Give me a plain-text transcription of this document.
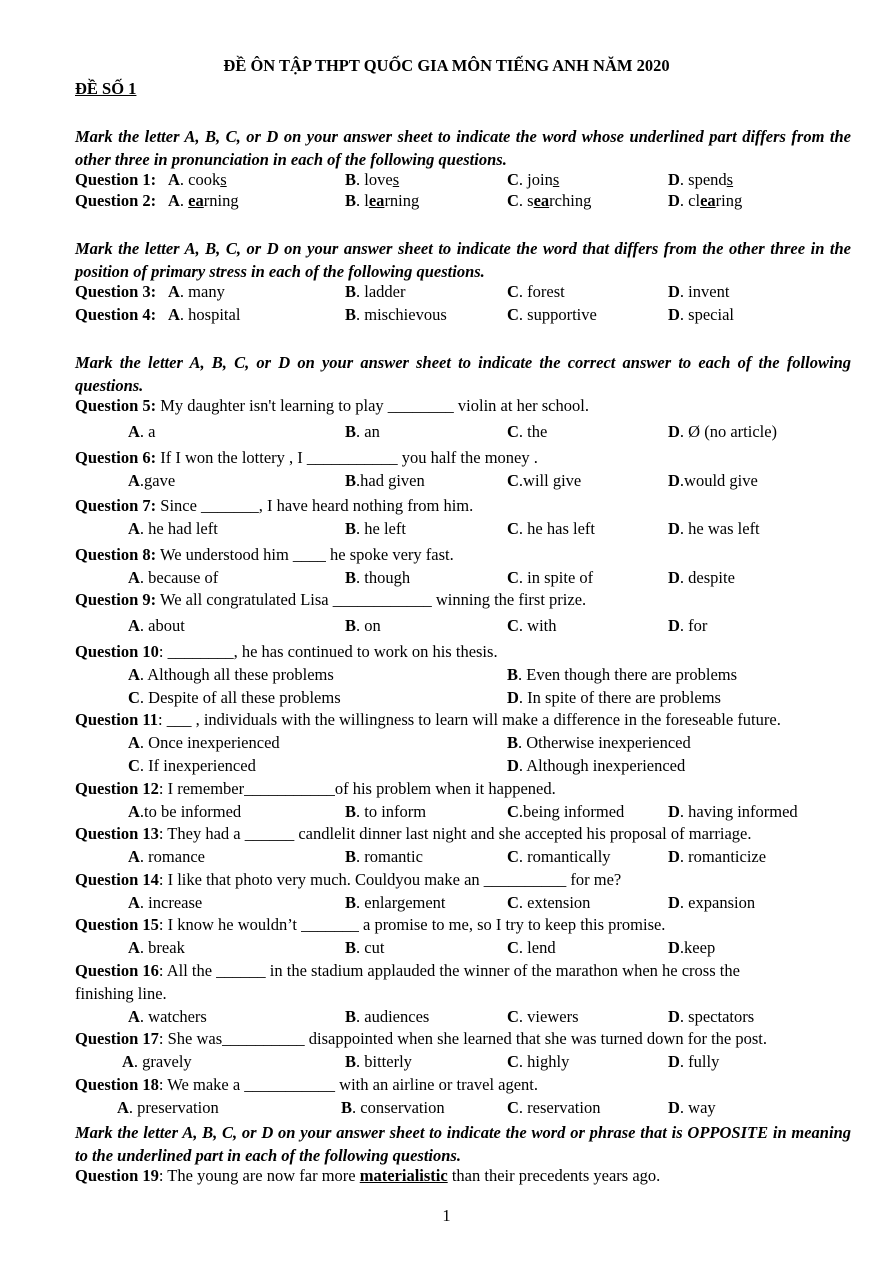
ĐỀ ÔN TẬP THPT QUỐC GIA MÔN TIẾNG ANH NĂM 2020
ĐỀ SỐ 1
Mark the letter A, B, C, or D on your answer sheet to indicate the word whose underlined part differs from the other three in pronunciation in each of the following questions.
Question 1: A. cooks	B. loves	C. joins	D. spends
Question 2: A. earning	B. learning	C. searching	D. clearing
Mark the letter A, B, C, or D on your answer sheet to indicate the word that differs from the other three in the position of primary stress in each of the following questions.
Question 3: A. many	B. ladder	C. forest	D. invent
Question 4: A. hospital	B. mischievous	C. supportive	D. special
Mark the letter A, B, C, or D on your answer sheet to indicate the correct answer to each of the following questions.
Question 5: My daughter isn't learning to play ________ violin at her school.
A. a	B. an	C. the	D. Ø (no article)
Question 6: If I won the lottery , I ___________ you half the money .
A.gave	B.had given	C.will give	D.would give
Question 7: Since _______, I have heard nothing from him.
A. he had left	B. he left	C. he has left	D. he was left
Question 8: We understood him ____ he spoke very fast.
A. because of	B. though	C. in spite of	D. despite
Question 9: We all congratulated Lisa ____________ winning the first prize.
A. about	B. on	C. with	D. for
Question 10: ________, he has continued to work on his thesis.
A. Although all these problems	B. Even though there are problems
C. Despite of all these problems	D. In spite of there are problems
Question 11: ___ , individuals with the willingness to learn will make a difference in the foreseable future.
A. Once inexperienced	B. Otherwise inexperienced
C. If inexperienced	D. Although inexperienced
Question 12: I remember___________of his problem when it happened.
A.to be informed	B. to inform	C.being informed	D. having informed
Question 13: They had a ______ candlelit dinner last night and she accepted his proposal of marriage.
A. romance	B. romantic	C. romantically	D. romanticize
Question 14: I like that photo very much. Couldyou make an __________ for me?
A. increase	B. enlargement	C. extension	D. expansion
Question 15: I know he wouldn’t _______ a promise to me, so I try to keep this promise.
A. break	B. cut	C. lend	D.keep
Question 16: All the ______ in the stadium applauded the winner of the marathon when he cross the
finishing line.
A. watchers	B. audiences	C. viewers	D. spectators
Question 17: She was__________ disappointed when she learned that she was turned down for the post.
A. gravely	B. bitterly	C. highly	D. fully
Question 18: We make a ___________ with an airline or travel agent.
A. preservation	B. conservation	C. reservation	D. way
Mark the letter A, B, C, or D on your answer sheet to indicate the word or phrase that is OPPOSITE in meaning to the underlined part in each of the following questions.
Question 19: The young are now far more materialistic than their precedents years ago.
1
